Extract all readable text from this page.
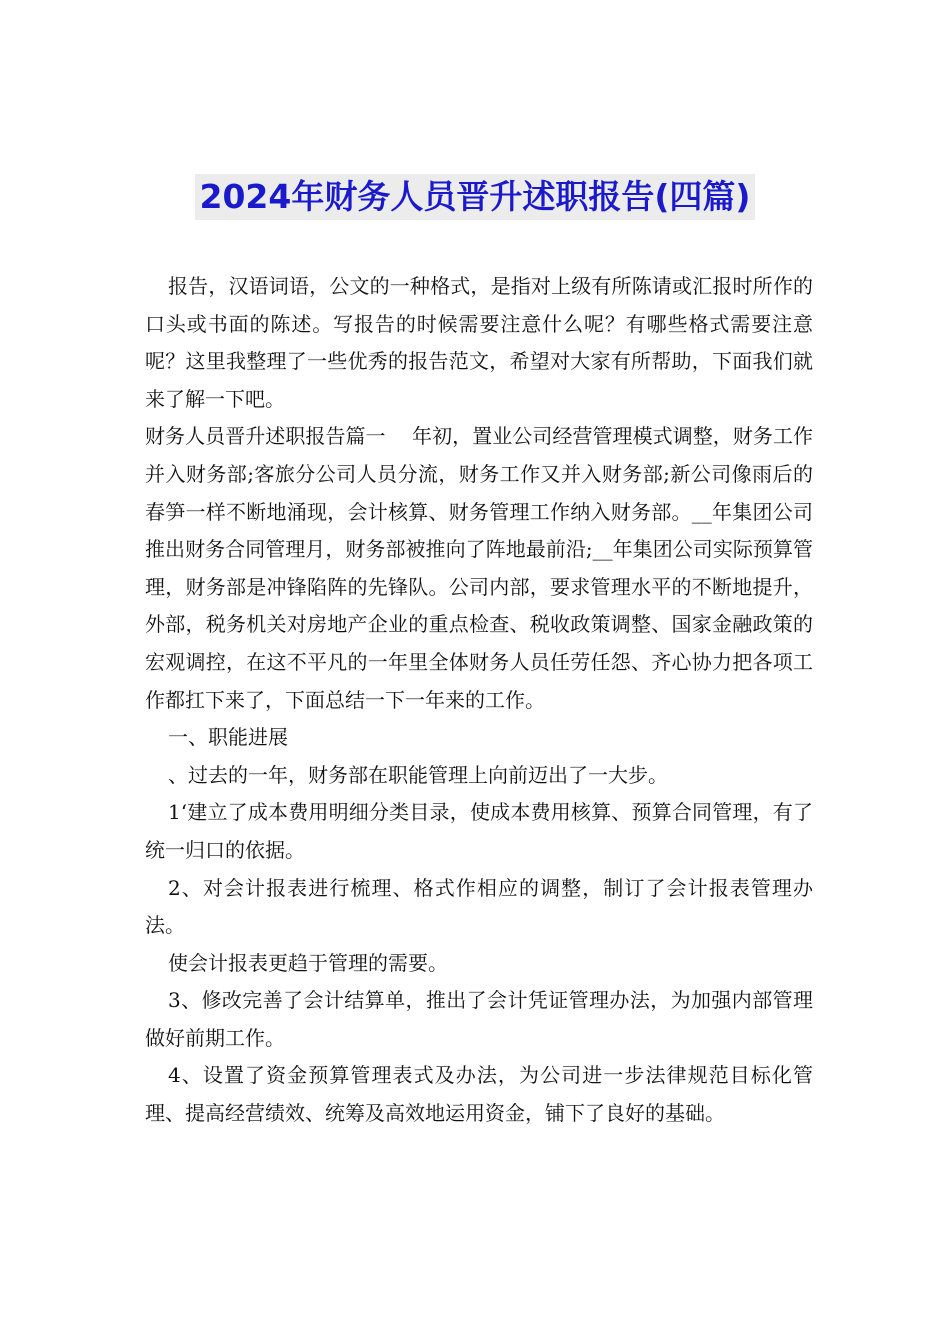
2024年财务人员晋升述职报告(四篇)

报告，汉语词语，公文的一种格式，是指对上级有所陈请或汇报时所作的口头或书面的陈述。写报告的时候需要注意什么呢？有哪些格式需要注意呢？这里我整理了一些优秀的报告范文，希望对大家有所帮助，下面我们就来了解一下吧。

财务人员晋升述职报告篇一　 年初，置业公司经营管理模式调整，财务工作并入财务部;客旅分公司人员分流，财务工作又并入财务部;新公司像雨后的春笋一样不断地涌现，会计核算、财务管理工作纳入财务部。__年集团公司推出财务合同管理月，财务部被推向了阵地最前沿;__年集团公司实际预算管理，财务部是冲锋陷阵的先锋队。公司内部，要求管理水平的不断地提升，外部，税务机关对房地产企业的重点检查、税收政策调整、国家金融政策的宏观调控，在这不平凡的一年里全体财务人员任劳任怨、齐心协力把各项工作都扛下来了，下面总结一下一年来的工作。

一、职能进展

、过去的一年，财务部在职能管理上向前迈出了一大步。

1‘建立了成本费用明细分类目录，使成本费用核算、预算合同管理，有了统一归口的依据。

2、对会计报表进行梳理、格式作相应的调整，制订了会计报表管理办法。

使会计报表更趋于管理的需要。

3、修改完善了会计结算单，推出了会计凭证管理办法，为加强内部管理做好前期工作。

4、设置了资金预算管理表式及办法，为公司进一步法律规范目标化管理、提高经营绩效、统筹及高效地运用资金，铺下了良好的基础。
